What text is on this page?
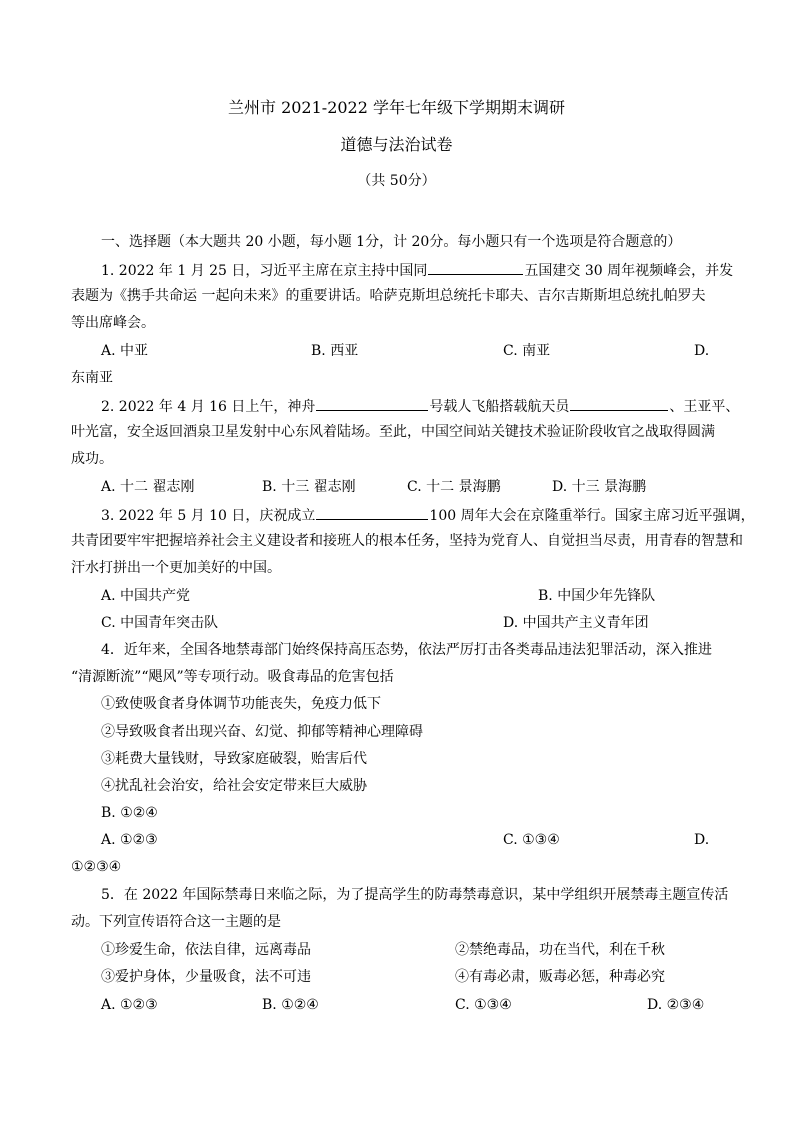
兰州市 2021-2022 学年七年级下学期期末调研
道德与法治试卷
（共 50分）
一、选择题（本大题共 20 小题，每小题 1分，计 20分。每小题只有一个选项是符合题意的）
1. 2022 年 1 月 25 日，习近平主席在京主持中国同	五国建交 30 周年视频峰会，并发
表题为《携手共命运 一起向未来》的重要讲话。哈萨克斯坦总统托卡耶夫、吉尔吉斯斯坦总统扎帕罗夫
等出席峰会。
A. 中亚	B. 西亚	C. 南亚	D.
东南亚
2. 2022 年 4 月 16 日上午，神舟	号载人飞船搭载航天员	、王亚平、
叶光富，安全返回酒泉卫星发射中心东风着陆场。至此，中国空间站关键技术验证阶段收官之战取得圆满
成功。
A. 十二 翟志刚	B. 十三 翟志刚	C. 十二 景海鹏	D. 十三 景海鹏
3. 2022 年 5 月 10 日，庆祝成立	100 周年大会在京隆重举行。国家主席习近平强调，
共青团要牢牢把握培养社会主义建设者和接班人的根本任务，坚持为党育人、自觉担当尽责，用青春的智慧和
汗水打拼出一个更加美好的中国。
A. 中国共产党	B. 中国少年先锋队
C. 中国青年突击队	D. 中国共产主义青年团
4．近年来，全国各地禁毒部门始终保持高压态势，依法严厉打击各类毒品违法犯罪活动，深入推进
“清源断流”“飓风”等专项行动。吸食毒品的危害包括
①致使吸食者身体调节功能丧失，免疫力低下
②导致吸食者出现兴奋、幻觉、抑郁等精神心理障碍
③耗费大量钱财，导致家庭破裂，贻害后代
④扰乱社会治安，给社会安定带来巨大威胁
B. ①②④
A. ①②③	C. ①③④	D.
①②③④
5．在 2022 年国际禁毒日来临之际，为了提高学生的防毒禁毒意识，某中学组织开展禁毒主题宣传活
动。下列宣传语符合这一主题的是
①珍爱生命，依法自律，远离毒品	②禁绝毒品，功在当代，利在千秋
③爱护身体，少量吸食，法不可违	④有毒必肃，贩毒必惩，种毒必究
A. ①②③	B. ①②④	C. ①③④	D. ②③④
